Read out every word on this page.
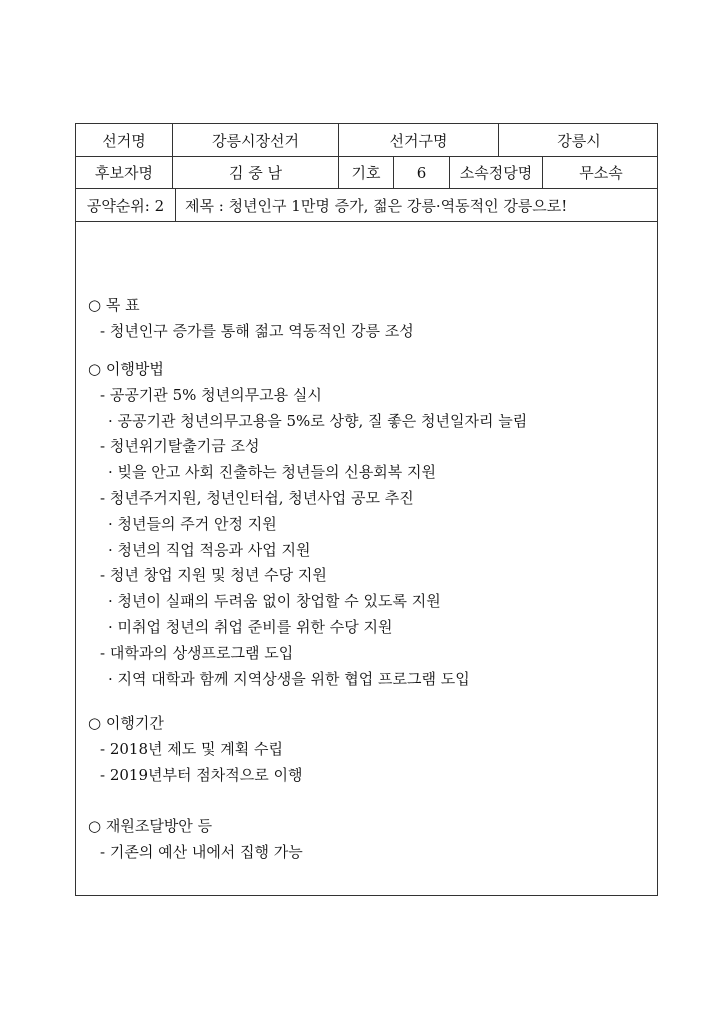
선거명	강릉시장선거	선거구명	강릉시
후보자명	김 중 남	기호	6	소속정당명	무소속
공약순위: 2	제목 : 청년인구 1만명 증가, 젊은 강릉·역동적인 강릉으로!
○ 목 표
- 청년인구 증가를 통해 젊고 역동적인 강릉 조성
○ 이행방법
- 공공기관 5% 청년의무고용 실시
· 공공기관 청년의무고용을 5%로 상향, 질 좋은 청년일자리 늘림
- 청년위기탈출기금 조성
· 빚을 안고 사회 진출하는 청년들의 신용회복 지원
- 청년주거지원, 청년인터쉽, 청년사업 공모 추진
· 청년들의 주거 안정 지원
· 청년의 직업 적응과 사업 지원
- 청년 창업 지원 및 청년 수당 지원
· 청년이 실패의 두려움 없이 창업할 수 있도록 지원
· 미취업 청년의 취업 준비를 위한 수당 지원
- 대학과의 상생프로그램 도입
· 지역 대학과 함께 지역상생을 위한 협업 프로그램 도입
○ 이행기간
- 2018년 제도 및 계획 수립
- 2019년부터 점차적으로 이행
○ 재원조달방안 등
- 기존의 예산 내에서 집행 가능
